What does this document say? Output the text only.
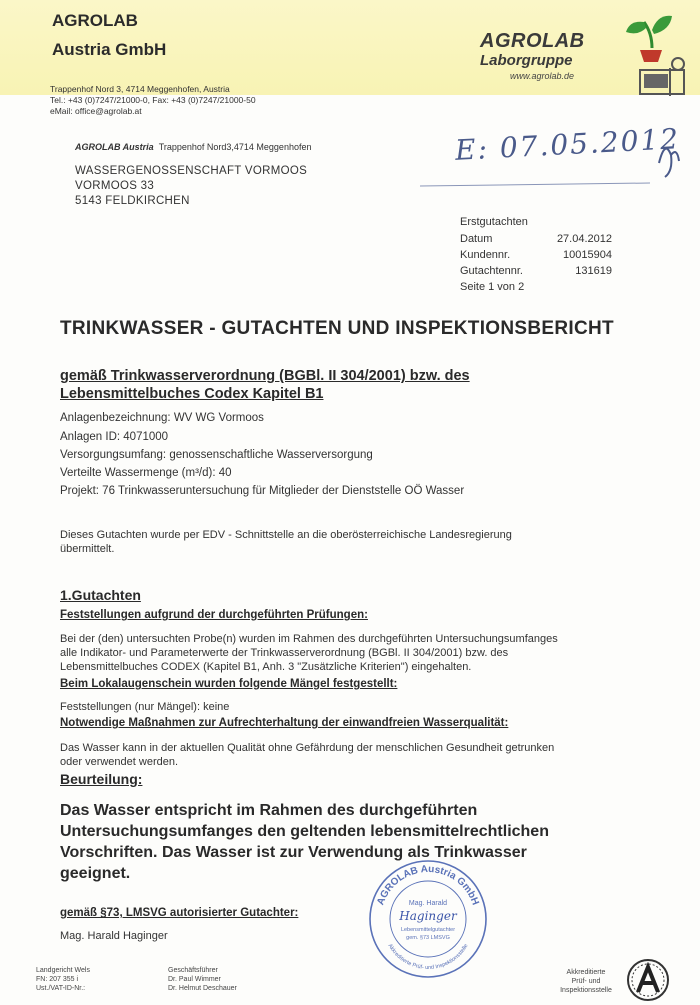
AGROLAB
Austria GmbH
Trappenhof Nord 3, 4714 Meggenhofen, Austria
Tel.: +43 (0)7247/21000-0, Fax: +43 (0)7247/21000-50
eMail: office@agrolab.at
AGROLAB
Laborgruppe
www.agrolab.de
AGROLAB Austria Trappenhof Nord3,4714 Meggenhofen
WASSERGENOSSENSCHAFT VORMOOS
VORMOOS 33
5143 FELDKIRCHEN
E: 07.05.2012
Erstgutachten
Datum	27.04.2012
Kundennr.	10015904
Gutachtennr.	131619
Seite 1 von 2
TRINKWASSER - GUTACHTEN UND INSPEKTIONSBERICHT
gemäß Trinkwasserverordnung (BGBl. II 304/2001) bzw. des
Lebensmittelbuches Codex Kapitel B1
Anlagenbezeichnung: WV WG Vormoos
Anlagen ID: 4071000
Versorgungsumfang: genossenschaftliche Wasserversorgung
Verteilte Wassermenge (m³/d): 40
Projekt: 76 Trinkwasseruntersuchung für Mitglieder der Dienststelle OÖ Wasser
Dieses Gutachten wurde per EDV - Schnittstelle an die oberösterreichische Landesregierung
übermittelt.
1.Gutachten
Feststellungen aufgrund der durchgeführten Prüfungen:
Bei der (den) untersuchten Probe(n) wurden im Rahmen des durchgeführten Untersuchungsumfanges
alle Indikator- und Parameterwerte der Trinkwasserverordnung (BGBl. II 304/2001) bzw. des
Lebensmittelbuches CODEX (Kapitel B1, Anh. 3 "Zusätzliche Kriterien") eingehalten.
Beim Lokalaugenschein wurden folgende Mängel festgestellt:
Feststellungen (nur Mängel): keine
Notwendige Maßnahmen zur Aufrechterhaltung der einwandfreien Wasserqualität:
Das Wasser kann in der aktuellen Qualität ohne Gefährdung der menschlichen Gesundheit getrunken
oder verwendet werden.
Beurteilung:
Das Wasser entspricht im Rahmen des durchgeführten
Untersuchungsumfanges den geltenden lebensmittelrechtlichen
Vorschriften. Das Wasser ist zur Verwendung als Trinkwasser
geeignet.
gemäß §73, LMSVG autorisierter Gutachter:
Mag. Harald Haginger
AGROLAB Austria GmbH
Akkreditierte Prüf- und Inspektionsstelle
Mag. Harald
Haginger
Lebensmittelgutachter
gem. §73 LMSVG
Landgericht Wels
FN: 207 355 i
Ust./VAT-ID-Nr.:
Geschäftsführer
Dr. Paul Wimmer
Dr. Helmut Deschauer
Akkreditierte
Prüf- und
Inspektionsstelle
